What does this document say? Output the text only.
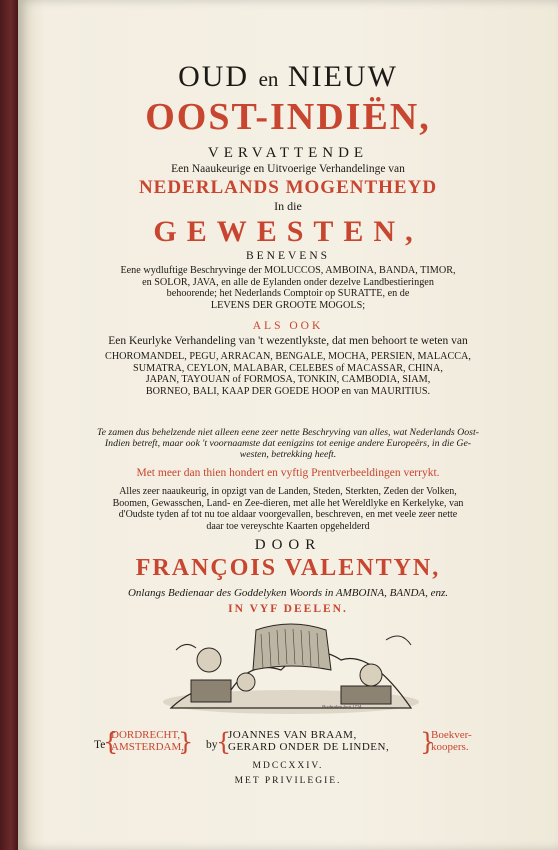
OUD en NIEUW
OOST-INDIËN,
VERVATTENDE
Een Naaukeurige en Uitvoerige Verhandelinge van
NEDERLANDS MOGENTHEYD
In die
GEWESTEN,
BENEVENS
Eene wydluftige Beschryvinge der MOLUCCOS, AMBOINA, BANDA, TIMOR,
en SOLOR, JAVA, en alle de Eylanden onder dezelve Landbestieringen
behoorende; het Nederlands Comptoir op SURATTE, en de
LEVENS DER GROOTE MOGOLS;
ALS OOK
Een Keurlyke Verhandeling van 't wezentlykste, dat men behoort te weten van
CHOROMANDEL, PEGU, ARRACAN, BENGALE, MOCHA, PERSIEN, MALACCA,
SUMATRA, CEYLON, MALABAR, CELEBES of MACASSAR, CHINA,
JAPAN, TAYOUAN of FORMOSA, TONKIN, CAMBODIA, SIAM,
BORNEO, BALI, KAAP DER GOEDE HOOP en van MAURITIUS.
Te zamen dus behelzende niet alleen eene zeer nette Beschryving van alles, wat Nederlands Oost-
Indien betreft, maar ook 't voornaamste dat eenigzins tot eenige andere Europeërs, in die Ge-
westen, betrekking heeft.
Met meer dan thien hondert en vyftig Prentverbeeldingen verrykt.
Alles zeer naaukeurig, in opzigt van de Landen, Steden, Sterkten, Zeden der Volken,
Boomen, Gewasschen, Land- en Zee-dieren, met alle het Wereldlyke en Kerkelyke, van
d'Oudste tyden af tot nu toe aldaar voorgevallen, beschreven, en met veele zeer nette
daar toe vereyschte Kaarten opgehelderd
DOOR
FRANÇOIS VALENTYN,
Onlangs Bedienaar des Goddelyken Woords in AMBOINA, BANDA, enz.
IN VYF DEELEN.
Houbraken fecit 1724
Te
{
DORDRECHT,
AMSTERDAM,
} by
{
JOANNES VAN BRAAM,
GERARD ONDER DE LINDEN, }
Boekver-
koopers.
MDCCXXIV.
MET PRIVILEGIE.
